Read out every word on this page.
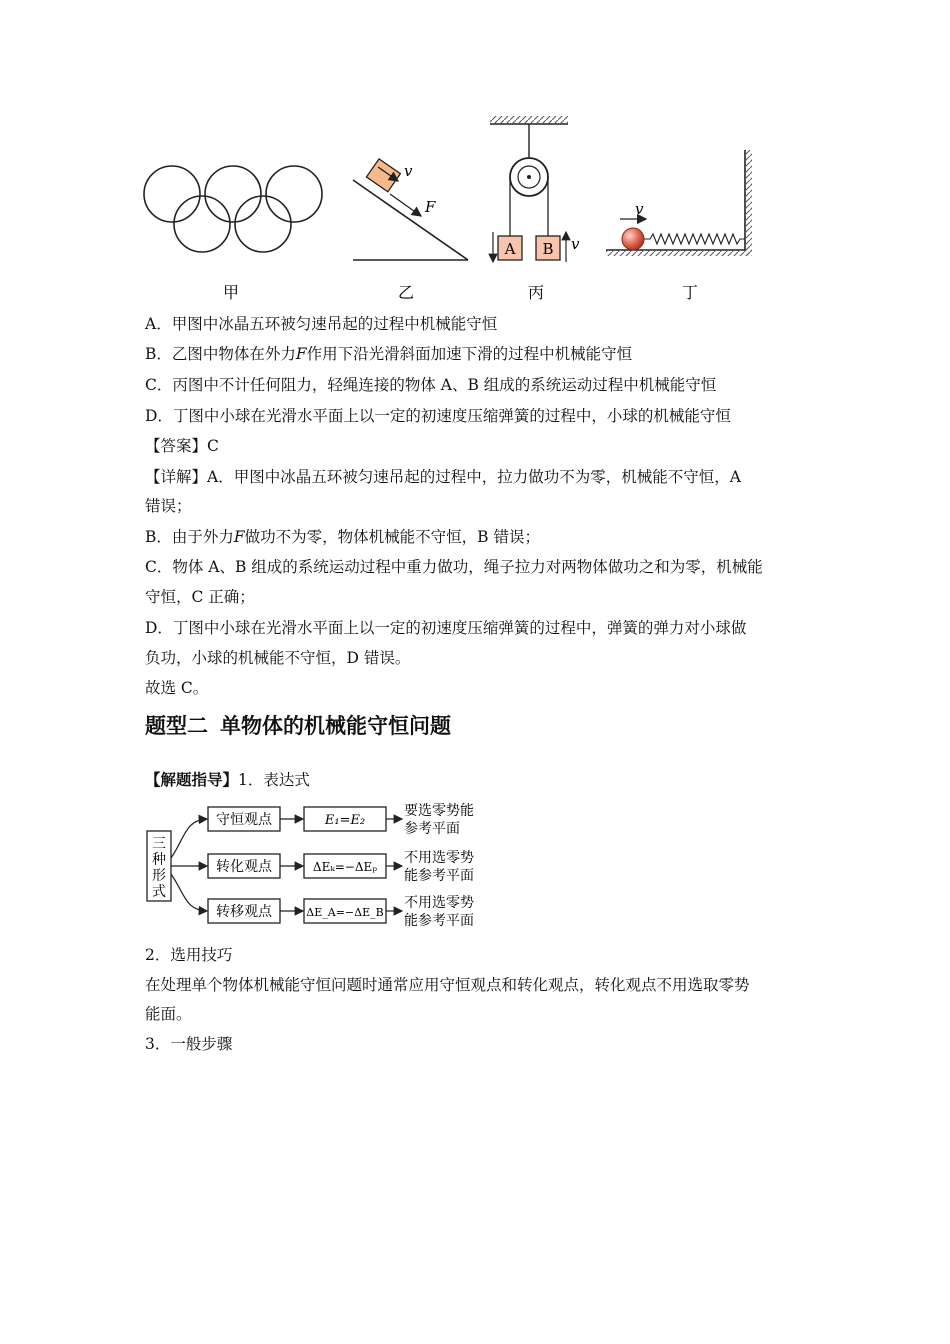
v
F
A B v
v
甲	乙	丙	丁
A．甲图中冰晶五环被匀速吊起的过程中机械能守恒
B．乙图中物体在外力F作用下沿光滑斜面加速下滑的过程中机械能守恒
C．丙图中不计任何阻力，轻绳连接的物体 A、B 组成的系统运动过程中机械能守恒
D．丁图中小球在光滑水平面上以一定的初速度压缩弹簧的过程中，小球的机械能守恒
【答案】C
【详解】A．甲图中冰晶五环被匀速吊起的过程中，拉力做功不为零，机械能不守恒，A
错误；
B．由于外力F做功不为零，物体机械能不守恒，B 错误；
C．物体 A、B 组成的系统运动过程中重力做功，绳子拉力对两物体做功之和为零，机械能
守恒，C 正确；
D．丁图中小球在光滑水平面上以一定的初速度压缩弹簧的过程中，弹簧的弹力对小球做
负功，小球的机械能不守恒，D 错误。
故选 C。
题型二 单物体的机械能守恒问题
【解题指导】1．表达式
三
种
形
式
守恒观点	E₁=E₂
要选零势能
参考平面
转化观点	ΔEₖ=−ΔEₚ
不用选零势
能参考平面
转移观点	ΔE_A=−ΔE_B
不用选零势
能参考平面
2．选用技巧
在处理单个物体机械能守恒问题时通常应用守恒观点和转化观点，转化观点不用选取零势
能面。
3．一般步骤
